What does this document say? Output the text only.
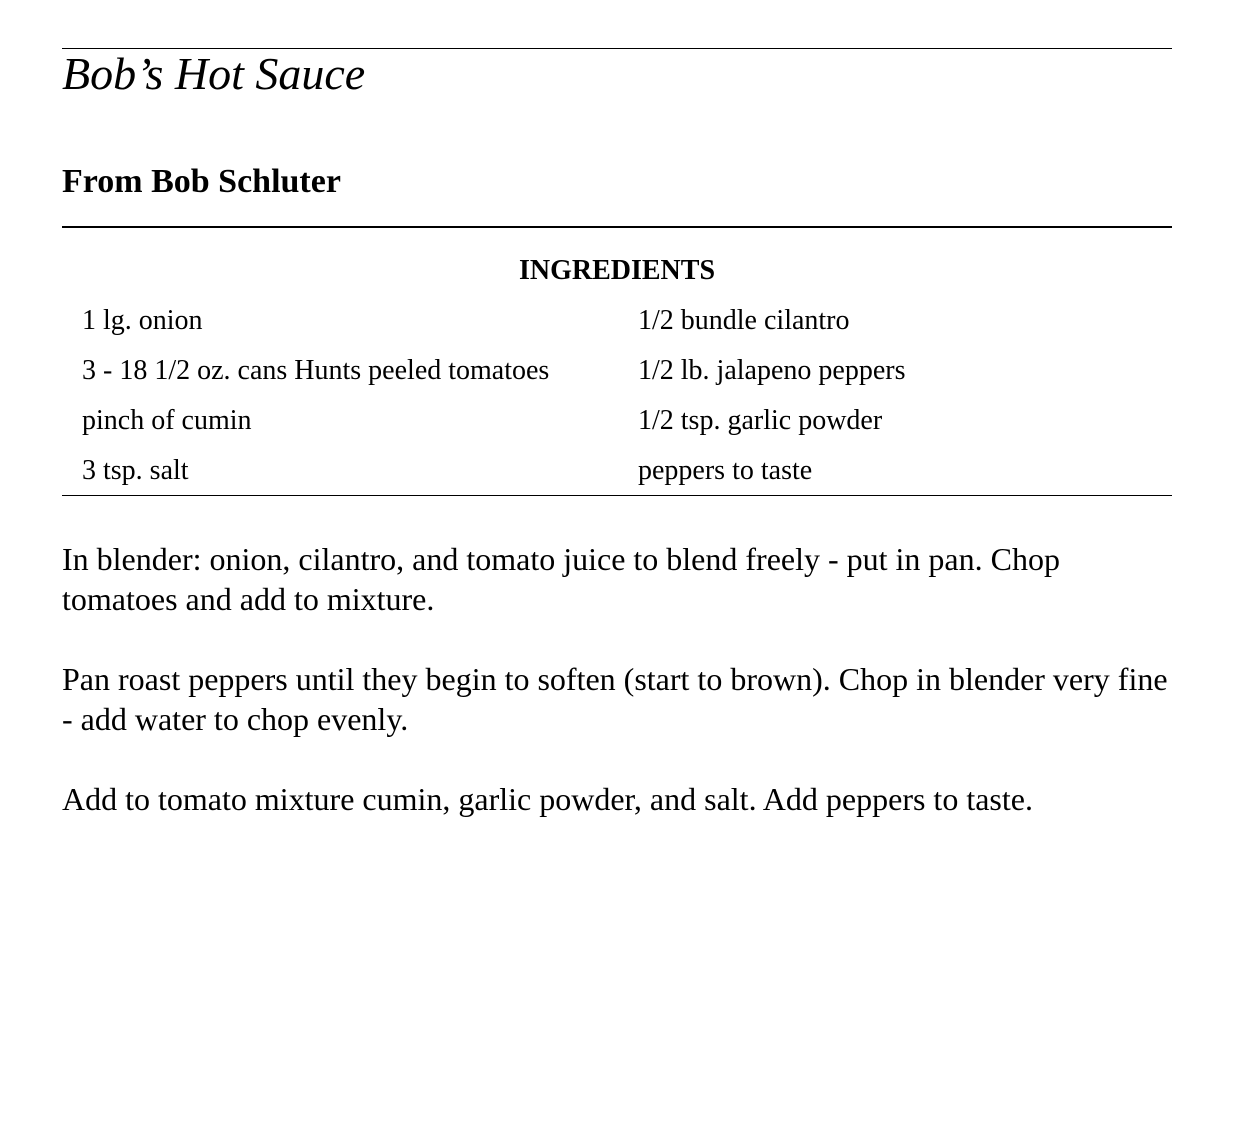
Bob’s Hot Sauce
From Bob Schluter
INGREDIENTS
1 lg. onion	1/2 bundle cilantro
3 - 18 1/2 oz. cans Hunts peeled tomatoes	1/2 lb. jalapeno peppers
pinch of cumin	1/2 tsp. garlic powder
3 tsp. salt	peppers to taste

In blender: onion, cilantro, and tomato juice to blend freely - put in pan. Chop tomatoes and add to mixture.

Pan roast peppers until they begin to soften (start to brown). Chop in blender very fine - add water to chop evenly.

Add to tomato mixture cumin, garlic powder, and salt. Add peppers to taste.
